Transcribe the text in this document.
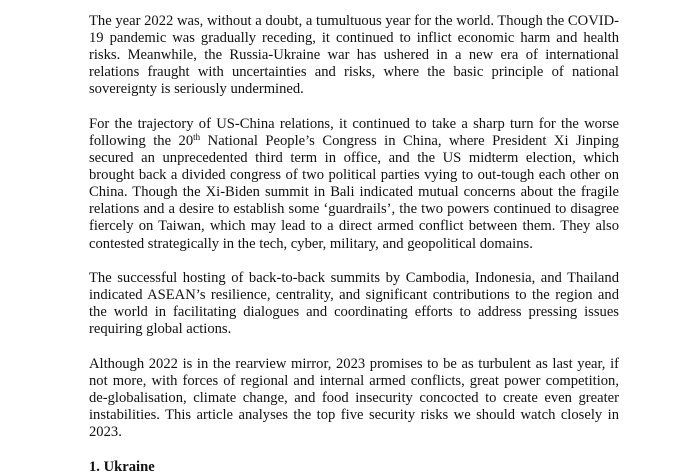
The year 2022 was, without a doubt, a tumultuous year for the world. Though the COVID-19 pandemic was gradually receding, it continued to inflict economic harm and health risks. Meanwhile, the Russia-Ukraine war has ushered in a new era of international relations fraught with uncertainties and risks, where the basic principle of national sovereignty is seriously undermined.

For the trajectory of US-China relations, it continued to take a sharp turn for the worse following the 20th National People’s Congress in China, where President Xi Jinping secured an unprecedented third term in office, and the US midterm election, which brought back a divided congress of two political parties vying to out-tough each other on China. Though the Xi-Biden summit in Bali indicated mutual concerns about the fragile relations and a desire to establish some ‘guardrails’, the two powers continued to disagree fiercely on Taiwan, which may lead to a direct armed conflict between them. They also contested strategically in the tech, cyber, military, and geopolitical domains.

The successful hosting of back-to-back summits by Cambodia, Indonesia, and Thailand indicated ASEAN’s resilience, centrality, and significant contributions to the region and the world in facilitating dialogues and coordinating efforts to address pressing issues requiring global actions.

Although 2022 is in the rearview mirror, 2023 promises to be as turbulent as last year, if not more, with forces of regional and internal armed conflicts, great power competition, de-globalisation, climate change, and food insecurity concocted to create even greater instabilities. This article analyses the top five security risks we should watch closely in 2023.

1. Ukraine
